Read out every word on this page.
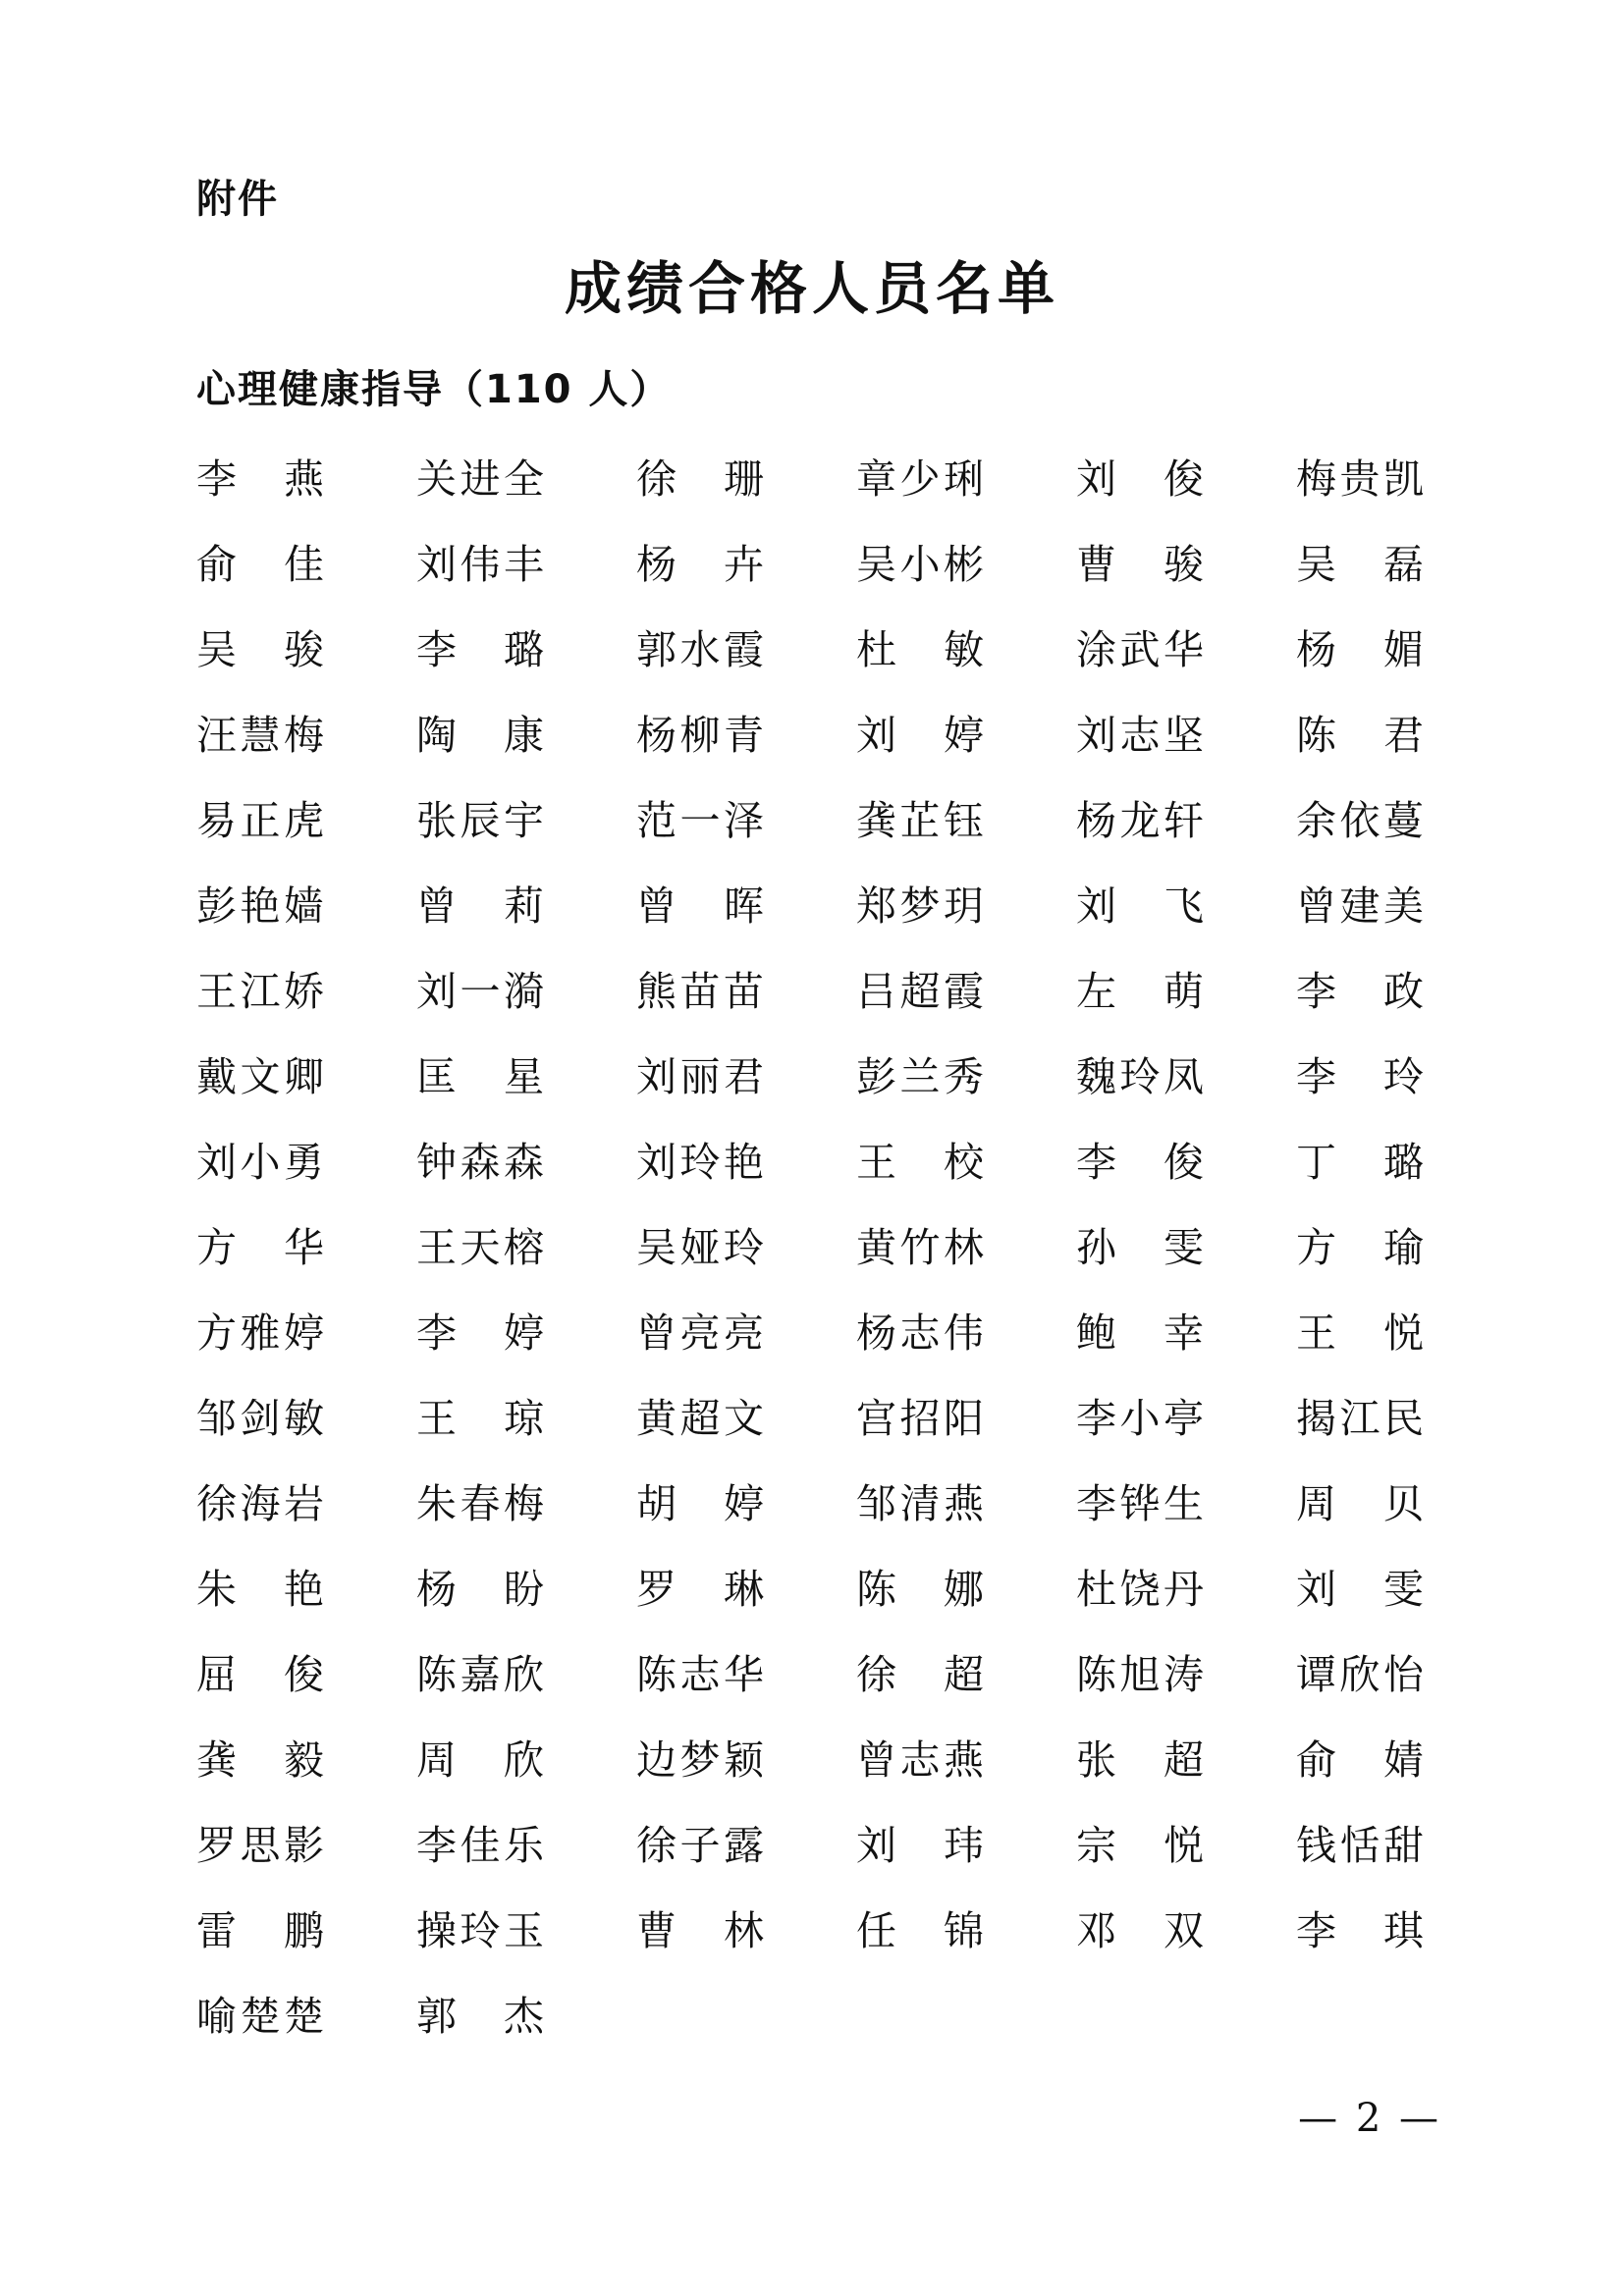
附件
成绩合格人员名单
心理健康指导（110 人）
李 燕 关 进 全 徐 珊 章 少 琍 刘 俊 梅 贵 凯
俞 佳 刘 伟 丰 杨 卉 吴 小 彬 曹 骏 吴 磊
吴 骏 李 璐 郭 水 霞 杜 敏 涂 武 华 杨 媚
汪 慧 梅 陶 康 杨 柳 青 刘 婷 刘 志 坚 陈 君
易 正 虎 张 辰 宇 范 一 泽 龚 芷 钰 杨 龙 轩 余 依 蔓
彭 艳 嫱 曾 莉 曾 晖 郑 梦 玥 刘 飞 曾 建 美
王 江 娇 刘 一 漪 熊 苗 苗 吕 超 霞 左 萌 李 政
戴 文 卿 匡 星 刘 丽 君 彭 兰 秀 魏 玲 凤 李 玲
刘 小 勇 钟 森 森 刘 玲 艳 王 校 李 俊 丁 璐
方 华 王 天 榕 吴 娅 玲 黄 竹 林 孙 雯 方 瑜
方 雅 婷 李 婷 曾 亮 亮 杨 志 伟 鲍 幸 王 悦
邹 剑 敏 王 琼 黄 超 文 宫 招 阳 李 小 亭 揭 江 民
徐 海 岩 朱 春 梅 胡 婷 邹 清 燕 李 铧 生 周 贝
朱 艳 杨 盼 罗 琳 陈 娜 杜 饶 丹 刘 雯
屈 俊 陈 嘉 欣 陈 志 华 徐 超 陈 旭 涛 谭 欣 怡
龚 毅 周 欣 边 梦 颖 曾 志 燕 张 超 俞 婧
罗 思 影 李 佳 乐 徐 子 露 刘 玮 宗 悦 钱 恬 甜
雷 鹏 操 玲 玉 曹 林 任 锦 邓 双 李 琪
喻 楚 楚 郭 杰
— 2 —
